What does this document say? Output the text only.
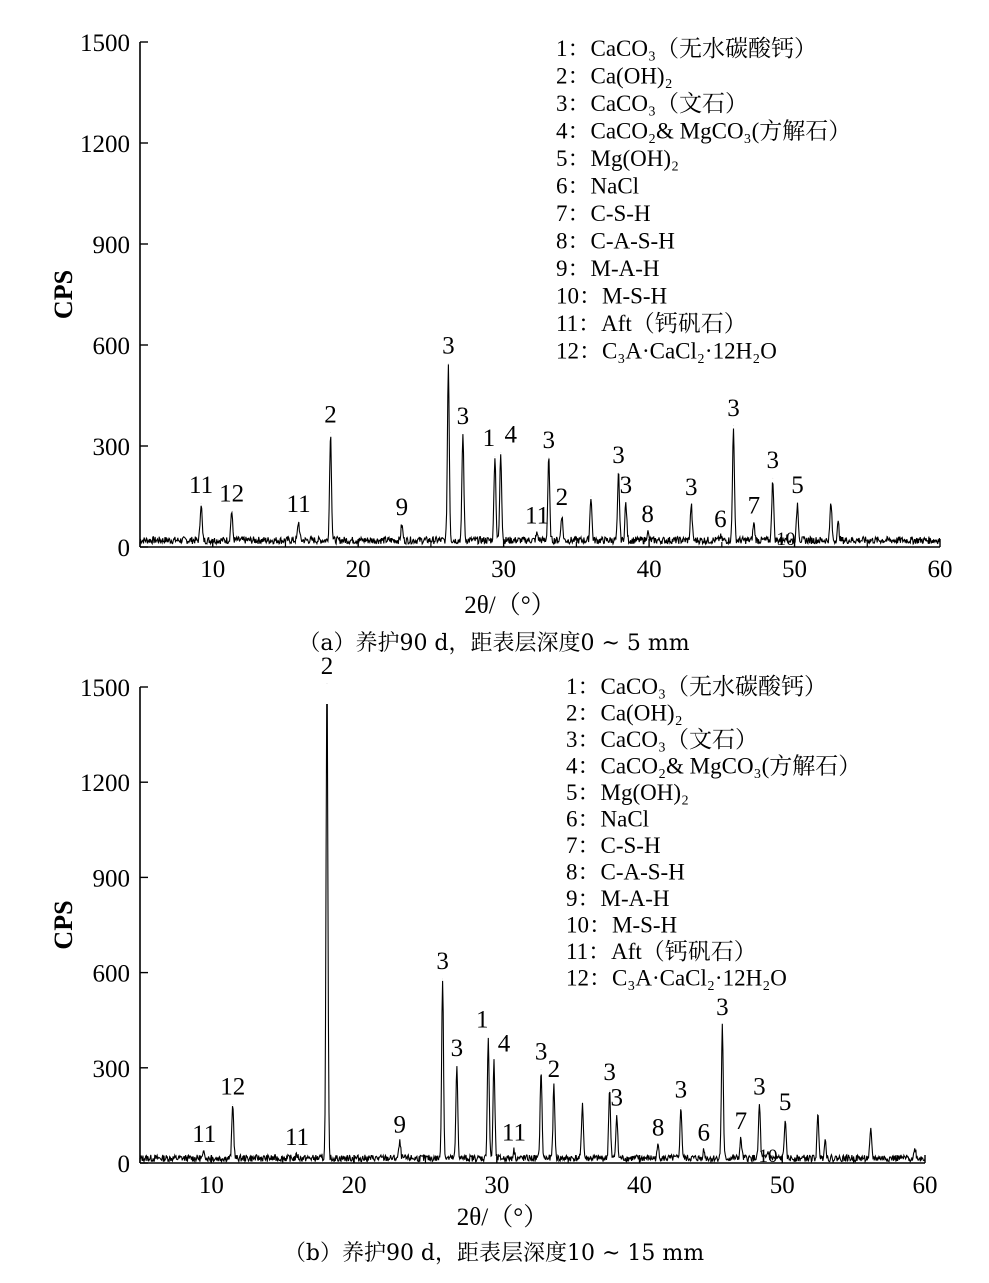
0
300
600
900
1200
1500
10	20	30	40	50	60
CPS
2θ/（°）
11 12 11
2
9
3
3
1 4
11
3
2
3
3
8
3
6
3
7
3
10
5
1：CaCO₃（无水碳酸钙）
2：Ca(OH)₂
3：CaCO₃（文石）
4：CaCO₂& MgCO₃(方解石）
5：Mg(OH)₂
6：NaCl
7：C-S-H
8：C-A-S-H
9：M-A-H
10：M-S-H
11：Aft（钙矾石）
12：C₃A·CaCl₂·12H₂O
（a）养护90 d，距表层深度0 ~ 5 mm
0
300
600
900
1200
1500
10	20	30	40	50	60
CPS
2θ/（°）
11
12
11
2
9
3
3
1
4
11
3
2 3
3
8
3
6
3
7
3
10
5
1：CaCO₃（无水碳酸钙）
2：Ca(OH)₂
3：CaCO₃（文石）
4：CaCO₂& MgCO₃(方解石）
5：Mg(OH)₂
6：NaCl
7：C-S-H
8：C-A-S-H
9：M-A-H
10：M-S-H
11：Aft（钙矾石）
12：C₃A·CaCl₂·12H₂O
（b）养护90 d，距表层深度10 ~ 15 mm
